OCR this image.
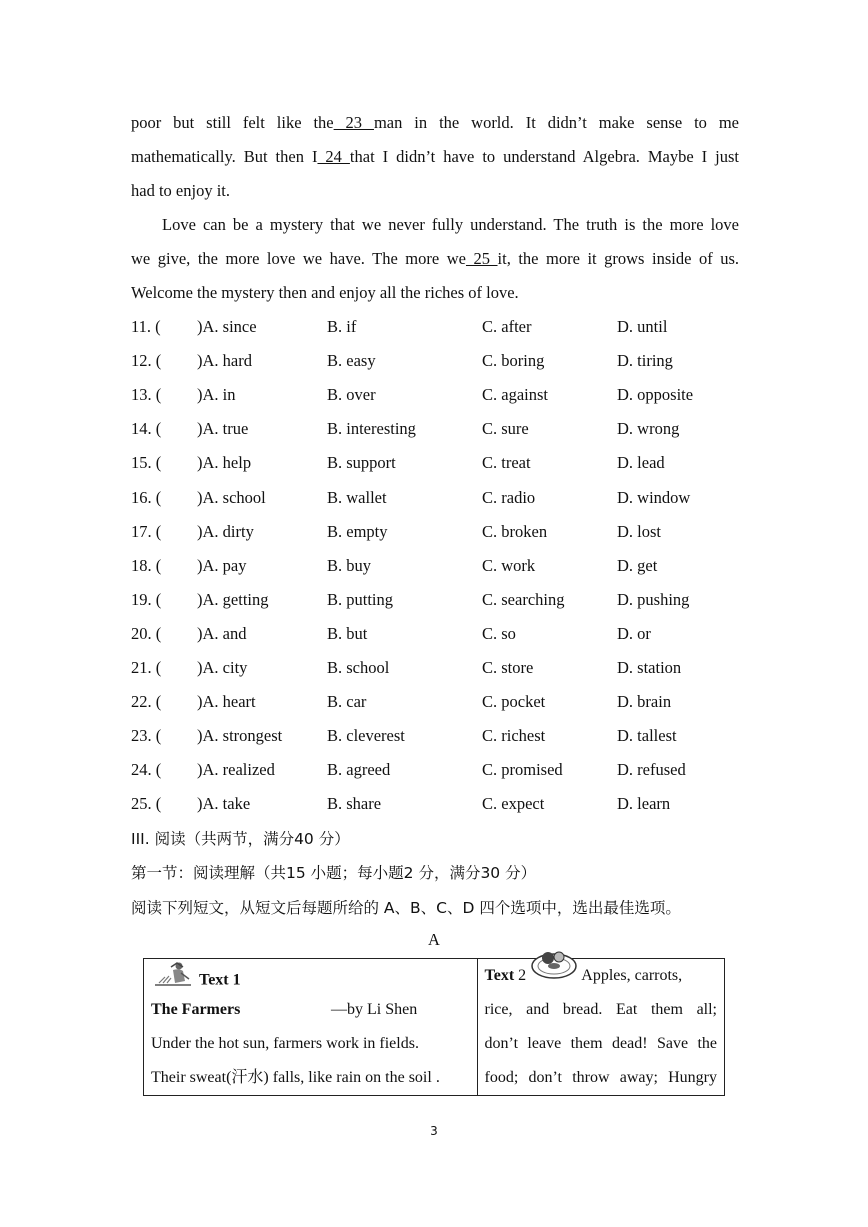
poor but still felt like the 23 man in the world. It didn’t make sense to me
mathematically. But then I 24 that I didn’t have to understand Algebra. Maybe I just
had to enjoy it.
Love can be a mystery that we never fully understand. The truth is the more love
we give, the more love we have. The more we 25 it, the more it grows inside of us.
Welcome the mystery then and enjoy all the riches of love.
11. ( )A. since	B. if	C. after	D. until
12. ( )A. hard	B. easy	C. boring	D. tiring
13. ( )A. in	B. over	C. against	D. opposite
14. ( )A. true	B. interesting	C. sure	D. wrong
15. ( )A. help	B. support	C. treat	D. lead
16. ( )A. school	B. wallet	C. radio	D. window
17. ( )A. dirty	B. empty	C. broken	D. lost
18. ( )A. pay	B. buy	C. work	D. get
19. ( )A. getting	B. putting	C. searching	D. pushing
20. ( )A. and	B. but	C. so	D. or
21. ( )A. city	B. school	C. store	D. station
22. ( )A. heart	B. car	C. pocket	D. brain
23. ( )A. strongest	B. cleverest	C. richest	D. tallest
24. ( )A. realized	B. agreed	C. promised	D. refused
25. ( )A. take	B. share	C. expect	D. learn
III. 阅读（共两节，满分40 分）
第一节：阅读理解（共15 小题；每小题2 分，满分30 分）
阅读下列短文，从短文后每题所给的 A、B、C、D 四个选项中，选出最佳选项。
A
Text 1
The Farmers	—by Li Shen
Under the hot sun, farmers work in fields.
Their sweat(汗水) falls, like rain on the soil .

Text 2	Apples, carrots,
rice, and bread. Eat them all;
don’t leave them dead! Save the
food; don’t throw away; Hungry
3
